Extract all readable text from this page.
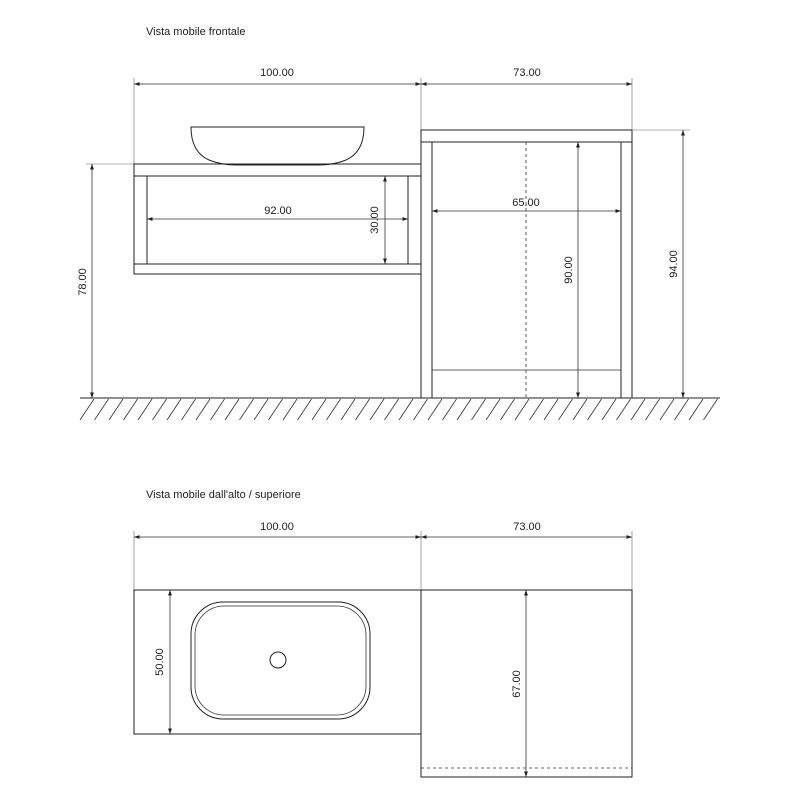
Vista mobile frontale
100.00	73.00
92.00	30.00
78.00
65.00
90.00	94.00
Vista mobile dall'alto / superiore
100.00	73.00
50.00
67.00
